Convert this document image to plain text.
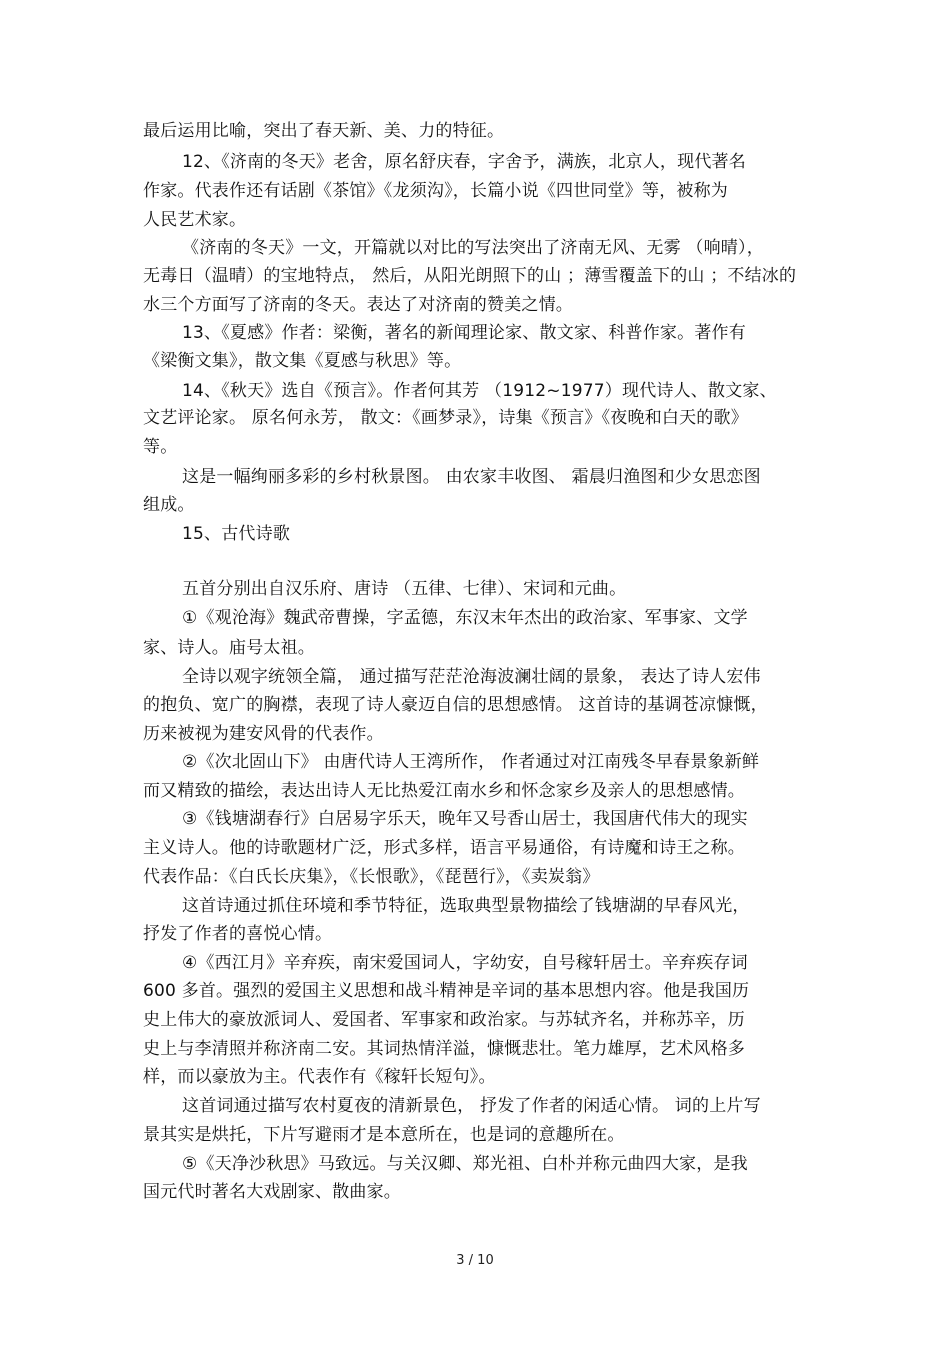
最后运用比喻，突出了春天新、美、力的特征。
12、《济南的冬天》老舍，原名舒庆春，字舍予，满族，北京人，现代著名
作家。代表作还有话剧《茶馆》《龙须沟》，长篇小说《四世同堂》等，被称为
人民艺术家。
《济南的冬天》一文，开篇就以对比的写法突出了济南无风、无雾 （响晴），
无毒日（温晴）的宝地特点， 然后，从阳光朗照下的山 ；薄雪覆盖下的山 ；不结冰的
水三个方面写了济南的冬天。表达了对济南的赞美之情。
13、《夏感》作者：梁衡，著名的新闻理论家、散文家、科普作家。著作有
《梁衡文集》，散文集《夏感与秋思》等。
14、《秋天》选自《预言》。作者何其芳 （1912~1977）现代诗人、散文家、
文艺评论家。 原名何永芳， 散文：《画梦录》，诗集《预言》《夜晚和白天的歌》
等。
这是一幅绚丽多彩的乡村秋景图。 由农家丰收图、 霜晨归渔图和少女思恋图
组成。
15、古代诗歌
五首分别出自汉乐府、唐诗 （五律、七律）、宋词和元曲。
①《观沧海》魏武帝曹操，字孟德，东汉末年杰出的政治家、军事家、文学
家、诗人。庙号太祖。
全诗以观字统领全篇， 通过描写茫茫沧海波澜壮阔的景象， 表达了诗人宏伟
的抱负、宽广的胸襟，表现了诗人豪迈自信的思想感情。 这首诗的基调苍凉慷慨，
历来被视为建安风骨的代表作。
②《次北固山下》 由唐代诗人王湾所作， 作者通过对江南残冬早春景象新鲜
而又精致的描绘，表达出诗人无比热爱江南水乡和怀念家乡及亲人的思想感情。
③《钱塘湖春行》白居易字乐天，晚年又号香山居士，我国唐代伟大的现实
主义诗人。他的诗歌题材广泛，形式多样，语言平易通俗，有诗魔和诗王之称。
代表作品：《白氏长庆集》，《长恨歌》，《琵琶行》，《卖炭翁》
这首诗通过抓住环境和季节特征，选取典型景物描绘了钱塘湖的早春风光，
抒发了作者的喜悦心情。
④《西江月》辛弃疾，南宋爱国词人，字幼安，自号稼轩居士。辛弃疾存词
600 多首。强烈的爱国主义思想和战斗精神是辛词的基本思想内容。他是我国历
史上伟大的豪放派词人、爱国者、军事家和政治家。与苏轼齐名，并称苏辛，历
史上与李清照并称济南二安。其词热情洋溢，慷慨悲壮。笔力雄厚，艺术风格多
样，而以豪放为主。代表作有《稼轩长短句》。
这首词通过描写农村夏夜的清新景色， 抒发了作者的闲适心情。 词的上片写
景其实是烘托，下片写避雨才是本意所在，也是词的意趣所在。
⑤《天净沙秋思》马致远。与关汉卿、郑光祖、白朴并称元曲四大家，是我
国元代时著名大戏剧家、散曲家。
3 / 10
